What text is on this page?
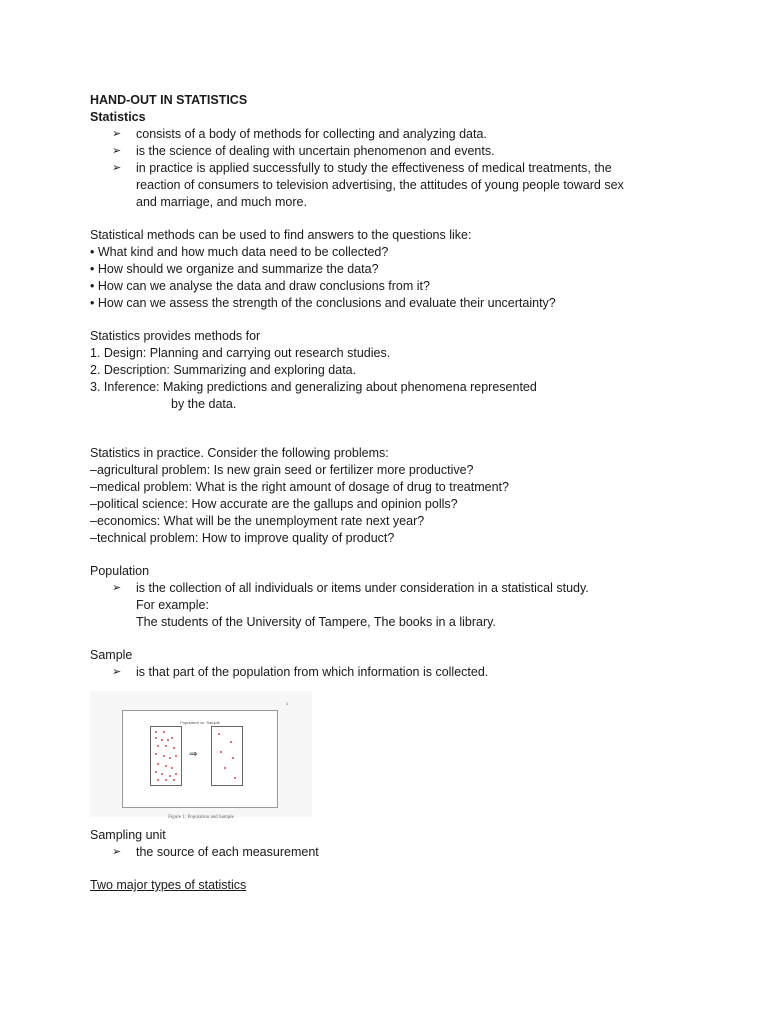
HAND-OUT IN STATISTICS

Statistics

➢ consists of a body of methods for collecting and analyzing data.
➢ is the science of dealing with uncertain phenomenon and events.
➢ in practice is applied successfully to study the effectiveness of medical treatments, the
reaction of consumers to television advertising, the attitudes of young people toward sex
and marriage, and much more.

Statistical methods can be used to find answers to the questions like:

• What kind and how much data need to be collected?

• How should we organize and summarize the data?

• How can we analyse the data and draw conclusions from it?

• How can we assess the strength of the conclusions and evaluate their uncertainty?

Statistics provides methods for

1. Design: Planning and carrying out research studies.

2. Description: Summarizing and exploring data.

3. Inference: Making predictions and generalizing about phenomena represented

by the data.

Statistics in practice. Consider the following problems:

–agricultural problem: Is new grain seed or fertilizer more productive?

–medical problem: What is the right amount of dosage of drug to treatment?

–political science: How accurate are the gallups and opinion polls?

–economics: What will be the unemployment rate next year?

–technical problem: How to improve quality of product?

Population

➢ is the collection of all individuals or items under consideration in a statistical study.
For example:
The students of the University of Tampere, The books in a library.

Sample

➢ is that part of the population from which information is collected.
4
Population vs. Sample
⇒
Figure 1: Population and Sample

Sampling unit

➢ the source of each measurement

Two major types of statistics
